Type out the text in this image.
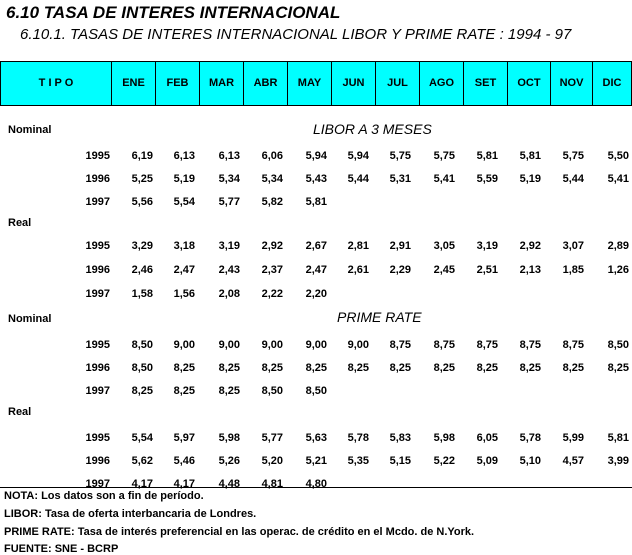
6.10 TASA DE INTERES INTERNACIONAL
6.10.1. TASAS DE INTERES INTERNACIONAL LIBOR Y PRIME RATE : 1994 - 97
T I P O	ENE	FEB	MAR	ABR	MAY	JUN	JUL	AGO	SET	OCT	NOV	DIC
LIBOR A 3 MESES
Nominal
1995	6,19	6,13	6,13	6,06	5,94	5,94	5,75	5,75	5,81	5,81	5,75	5,50
1996	5,25	5,19	5,34	5,34	5,43	5,44	5,31	5,41	5,59	5,19	5,44	5,41
1997	5,56	5,54	5,77	5,82	5,81
Real
1995	3,29	3,18	3,19	2,92	2,67	2,81	2,91	3,05	3,19	2,92	3,07	2,89
1996	2,46	2,47	2,43	2,37	2,47	2,61	2,29	2,45	2,51	2,13	1,85	1,26
1997	1,58	1,56	2,08	2,22	2,20
PRIME RATE
Nominal
1995	8,50	9,00	9,00	9,00	9,00	9,00	8,75	8,75	8,75	8,75	8,75	8,50
1996	8,50	8,25	8,25	8,25	8,25	8,25	8,25	8,25	8,25	8,25	8,25	8,25
1997	8,25	8,25	8,25	8,50	8,50
Real
1995	5,54	5,97	5,98	5,77	5,63	5,78	5,83	5,98	6,05	5,78	5,99	5,81
1996	5,62	5,46	5,26	5,20	5,21	5,35	5,15	5,22	5,09	5,10	4,57	3,99
1997	4,17	4,17	4,48	4,81	4,80
NOTA: Los datos son a fin de período.
LIBOR: Tasa de oferta interbancaria de Londres.
PRIME RATE: Tasa de interés preferencial en las operac. de crédito en el Mcdo. de N.York.
FUENTE: SNE - BCRP
